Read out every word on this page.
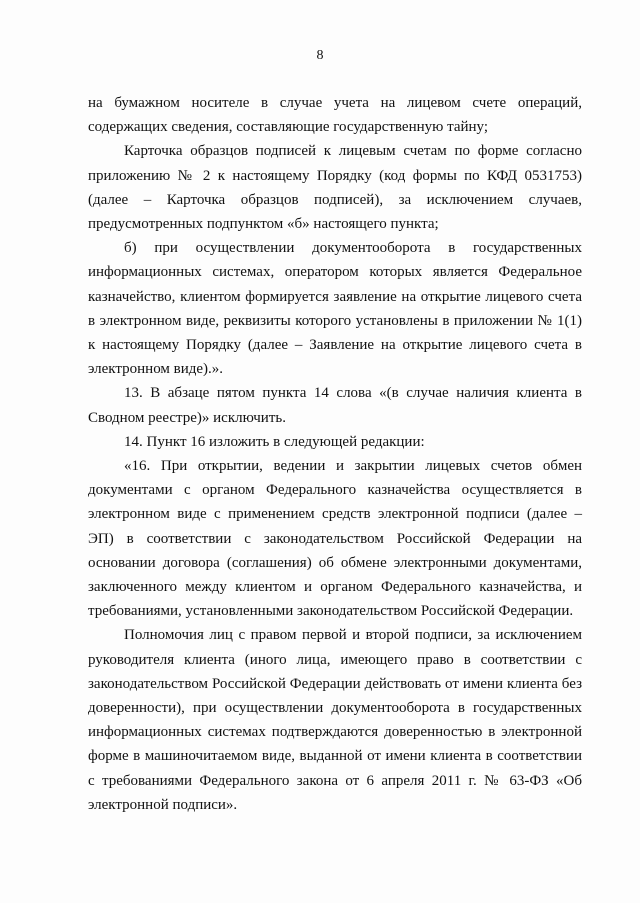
8

на бумажном носителе в случае учета на лицевом счете операций, содержащих сведения, составляющие государственную тайну;

Карточка образцов подписей к лицевым счетам по форме согласно приложению № 2 к настоящему Порядку (код формы по КФД 0531753) (далее – Карточка образцов подписей), за исключением случаев, предусмотренных подпунктом «б» настоящего пункта;

б) при осуществлении документооборота в государственных информационных системах, оператором которых является Федеральное казначейство, клиентом формируется заявление на открытие лицевого счета в электронном виде, реквизиты которого установлены в приложении № 1(1) к настоящему Порядку (далее – Заявление на открытие лицевого счета в электронном виде).».

13. В абзаце пятом пункта 14 слова «(в случае наличия клиента в Сводном реестре)» исключить.

14. Пункт 16 изложить в следующей редакции:

«16. При открытии, ведении и закрытии лицевых счетов обмен документами с органом Федерального казначейства осуществляется в электронном виде с применением средств электронной подписи (далее – ЭП) в соответствии с законодательством Российской Федерации на основании договора (соглашения) об обмене электронными документами, заключенного между клиентом и органом Федерального казначейства, и требованиями, установленными законодательством Российской Федерации.

Полномочия лиц с правом первой и второй подписи, за исключением руководителя клиента (иного лица, имеющего право в соответствии с законодательством Российской Федерации действовать от имени клиента без доверенности), при осуществлении документооборота в государственных информационных системах подтверждаются доверенностью в электронной форме в машиночитаемом виде, выданной от имени клиента в соответствии с требованиями Федерального закона от 6 апреля 2011 г. № 63-ФЗ «Об электронной подписи».
